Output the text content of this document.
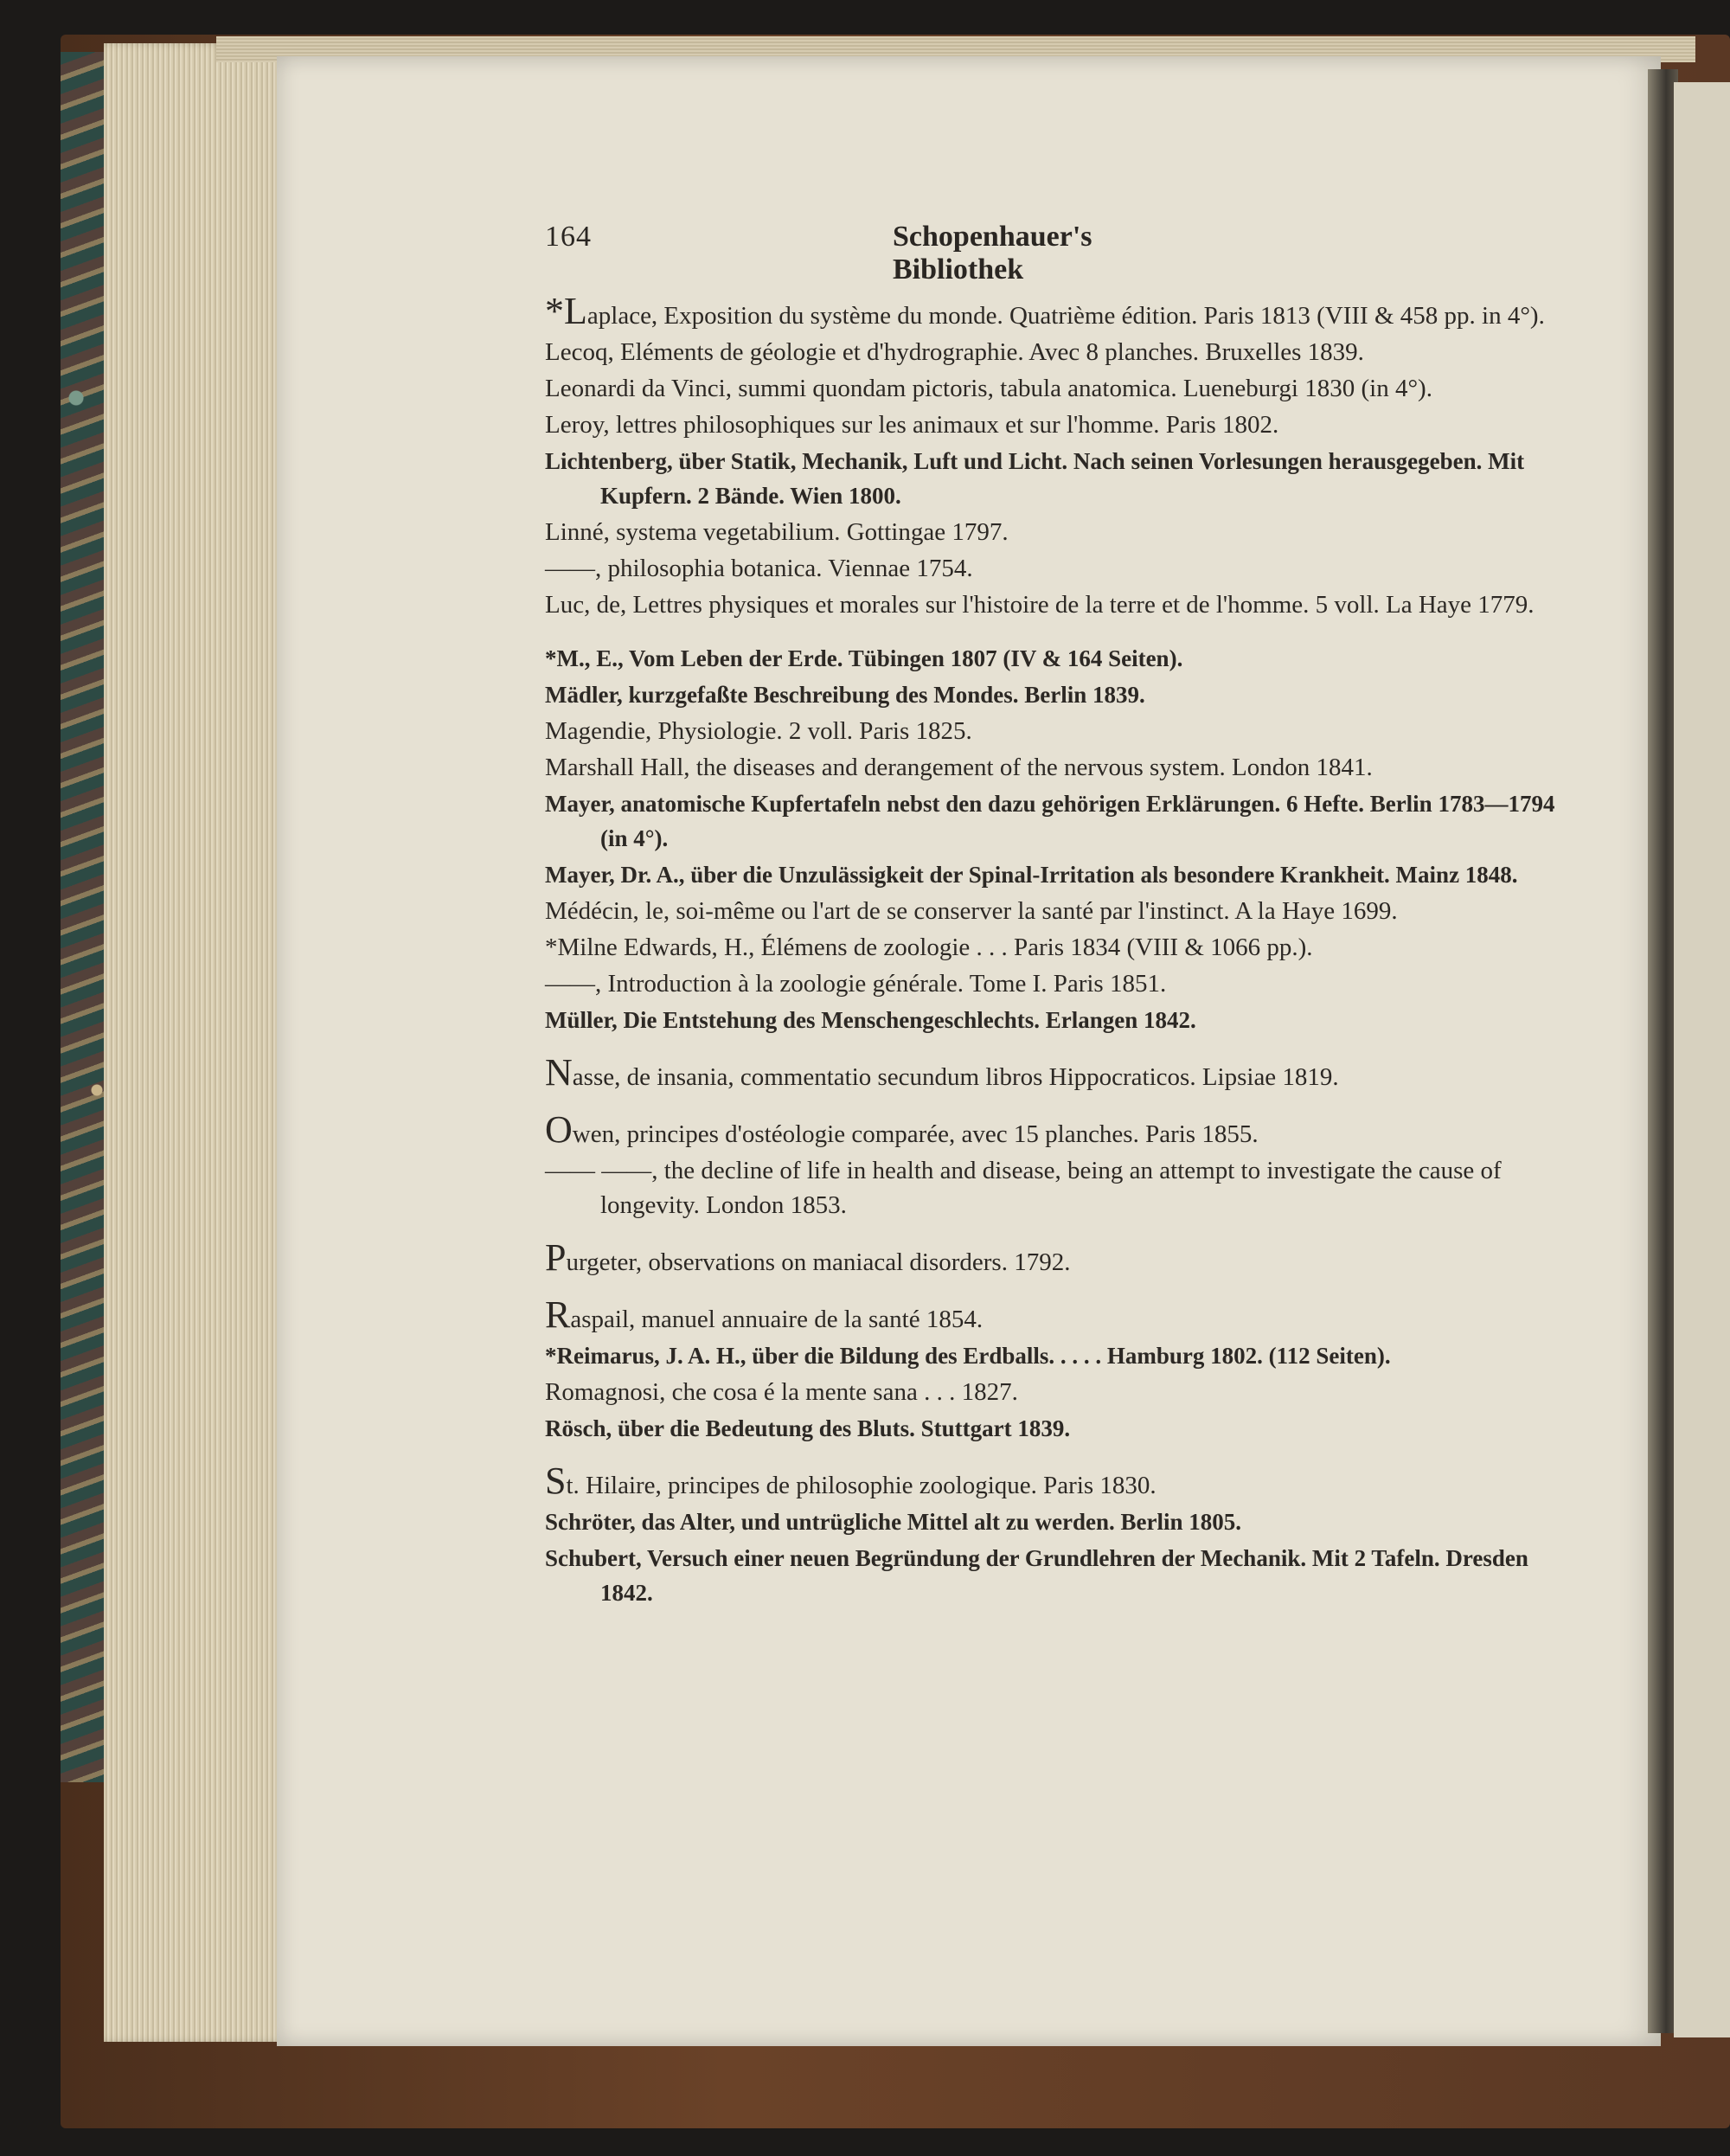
164	Schopenhauer's Bibliothek

*Laplace, Exposition du système du monde. Quatrième édition. Paris 1813 (VIII & 458 pp. in 4°).

Lecoq, Eléments de géologie et d'hydrographie. Avec 8 planches. Bruxelles 1839.

Leonardi da Vinci, summi quondam pictoris, tabula anatomica. Lueneburgi 1830 (in 4°).

Leroy, lettres philosophiques sur les animaux et sur l'homme. Paris 1802.

Lichtenberg, über Statik, Mechanik, Luft und Licht. Nach seinen Vorlesungen herausgegeben. Mit Kupfern. 2 Bände. Wien 1800.

Linné, systema vegetabilium. Gottingae 1797.

——, philosophia botanica. Viennae 1754.

Luc, de, Lettres physiques et morales sur l'histoire de la terre et de l'homme. 5 voll. La Haye 1779.

*M., E., Vom Leben der Erde. Tübingen 1807 (IV & 164 Seiten).

Mädler, kurzgefaßte Beschreibung des Mondes. Berlin 1839.

Magendie, Physiologie. 2 voll. Paris 1825.

Marshall Hall, the diseases and derangement of the nervous system. London 1841.

Mayer, anatomische Kupfertafeln nebst den dazu gehörigen Erklärungen. 6 Hefte. Berlin 1783—1794 (in 4°).

Mayer, Dr. A., über die Unzulässigkeit der Spinal-Irritation als besondere Krankheit. Mainz 1848.

Médécin, le, soi-même ou l'art de se conserver la santé par l'instinct. A la Haye 1699.

*Milne Edwards, H., Élémens de zoologie . . . Paris 1834 (VIII & 1066 pp.).

——, Introduction à la zoologie générale. Tome I. Paris 1851.

Müller, Die Entstehung des Menschengeschlechts. Erlangen 1842.

Nasse, de insania, commentatio secundum libros Hippocraticos. Lipsiae 1819.

Owen, principes d'ostéologie comparée, avec 15 planches. Paris 1855.

—— ——, the decline of life in health and disease, being an attempt to investigate the cause of longevity. London 1853.

Purgeter, observations on maniacal disorders. 1792.

Raspail, manuel annuaire de la santé 1854.

*Reimarus, J. A. H., über die Bildung des Erdballs. . . . . Hamburg 1802. (112 Seiten).

Romagnosi, che cosa é la mente sana . . . 1827.

Rösch, über die Bedeutung des Bluts. Stuttgart 1839.

St. Hilaire, principes de philosophie zoologique. Paris 1830.

Schröter, das Alter, und untrügliche Mittel alt zu werden. Berlin 1805.

Schubert, Versuch einer neuen Begründung der Grundlehren der Mechanik. Mit 2 Tafeln. Dresden 1842.
